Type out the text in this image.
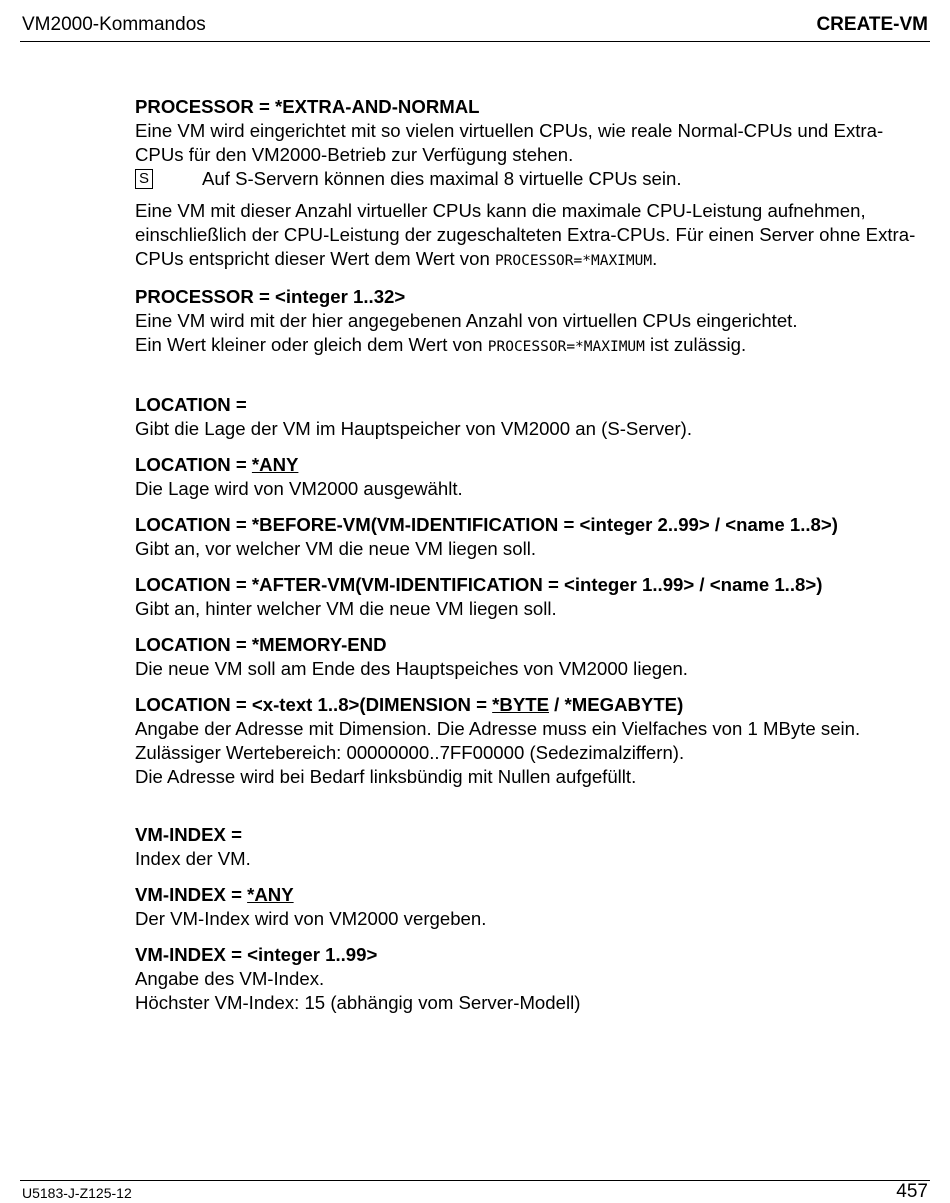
VM2000-Kommandos	CREATE-VM
PROCESSOR = *EXTRA-AND-NORMAL
Eine VM wird eingerichtet mit so vielen virtuellen CPUs, wie reale Normal-CPUs und Extra-CPUs für den VM2000-Betrieb zur Verfügung stehen.
S	Auf S-Servern können dies maximal 8 virtuelle CPUs sein.
Eine VM mit dieser Anzahl virtueller CPUs kann die maximale CPU-Leistung aufnehmen, einschließlich der CPU-Leistung der zugeschalteten Extra-CPUs. Für einen Server ohne Extra-CPUs entspricht dieser Wert dem Wert von PROCESSOR=*MAXIMUM.
PROCESSOR = <integer 1..32>
Eine VM wird mit der hier angegebenen Anzahl von virtuellen CPUs eingerichtet.
Ein Wert kleiner oder gleich dem Wert von PROCESSOR=*MAXIMUM ist zulässig.
LOCATION =
Gibt die Lage der VM im Hauptspeicher von VM2000 an (S-Server).
LOCATION = *ANY
Die Lage wird von VM2000 ausgewählt.
LOCATION = *BEFORE-VM(VM-IDENTIFICATION = <integer 2..99> / <name 1..8>)
Gibt an, vor welcher VM die neue VM liegen soll.
LOCATION = *AFTER-VM(VM-IDENTIFICATION = <integer 1..99> / <name 1..8>)
Gibt an, hinter welcher VM die neue VM liegen soll.
LOCATION = *MEMORY-END
Die neue VM soll am Ende des Hauptspeiches von VM2000 liegen.
LOCATION = <x-text 1..8>(DIMENSION = *BYTE / *MEGABYTE)
Angabe der Adresse mit Dimension. Die Adresse muss ein Vielfaches von 1 MByte sein.
Zulässiger Wertebereich: 00000000..7FF00000 (Sedezimalziffern).
Die Adresse wird bei Bedarf linksbündig mit Nullen aufgefüllt.
VM-INDEX =
Index der VM.
VM-INDEX = *ANY
Der VM-Index wird von VM2000 vergeben.
VM-INDEX = <integer 1..99>
Angabe des VM-Index.
Höchster VM-Index: 15 (abhängig vom Server-Modell)
U5183-J-Z125-12	457
